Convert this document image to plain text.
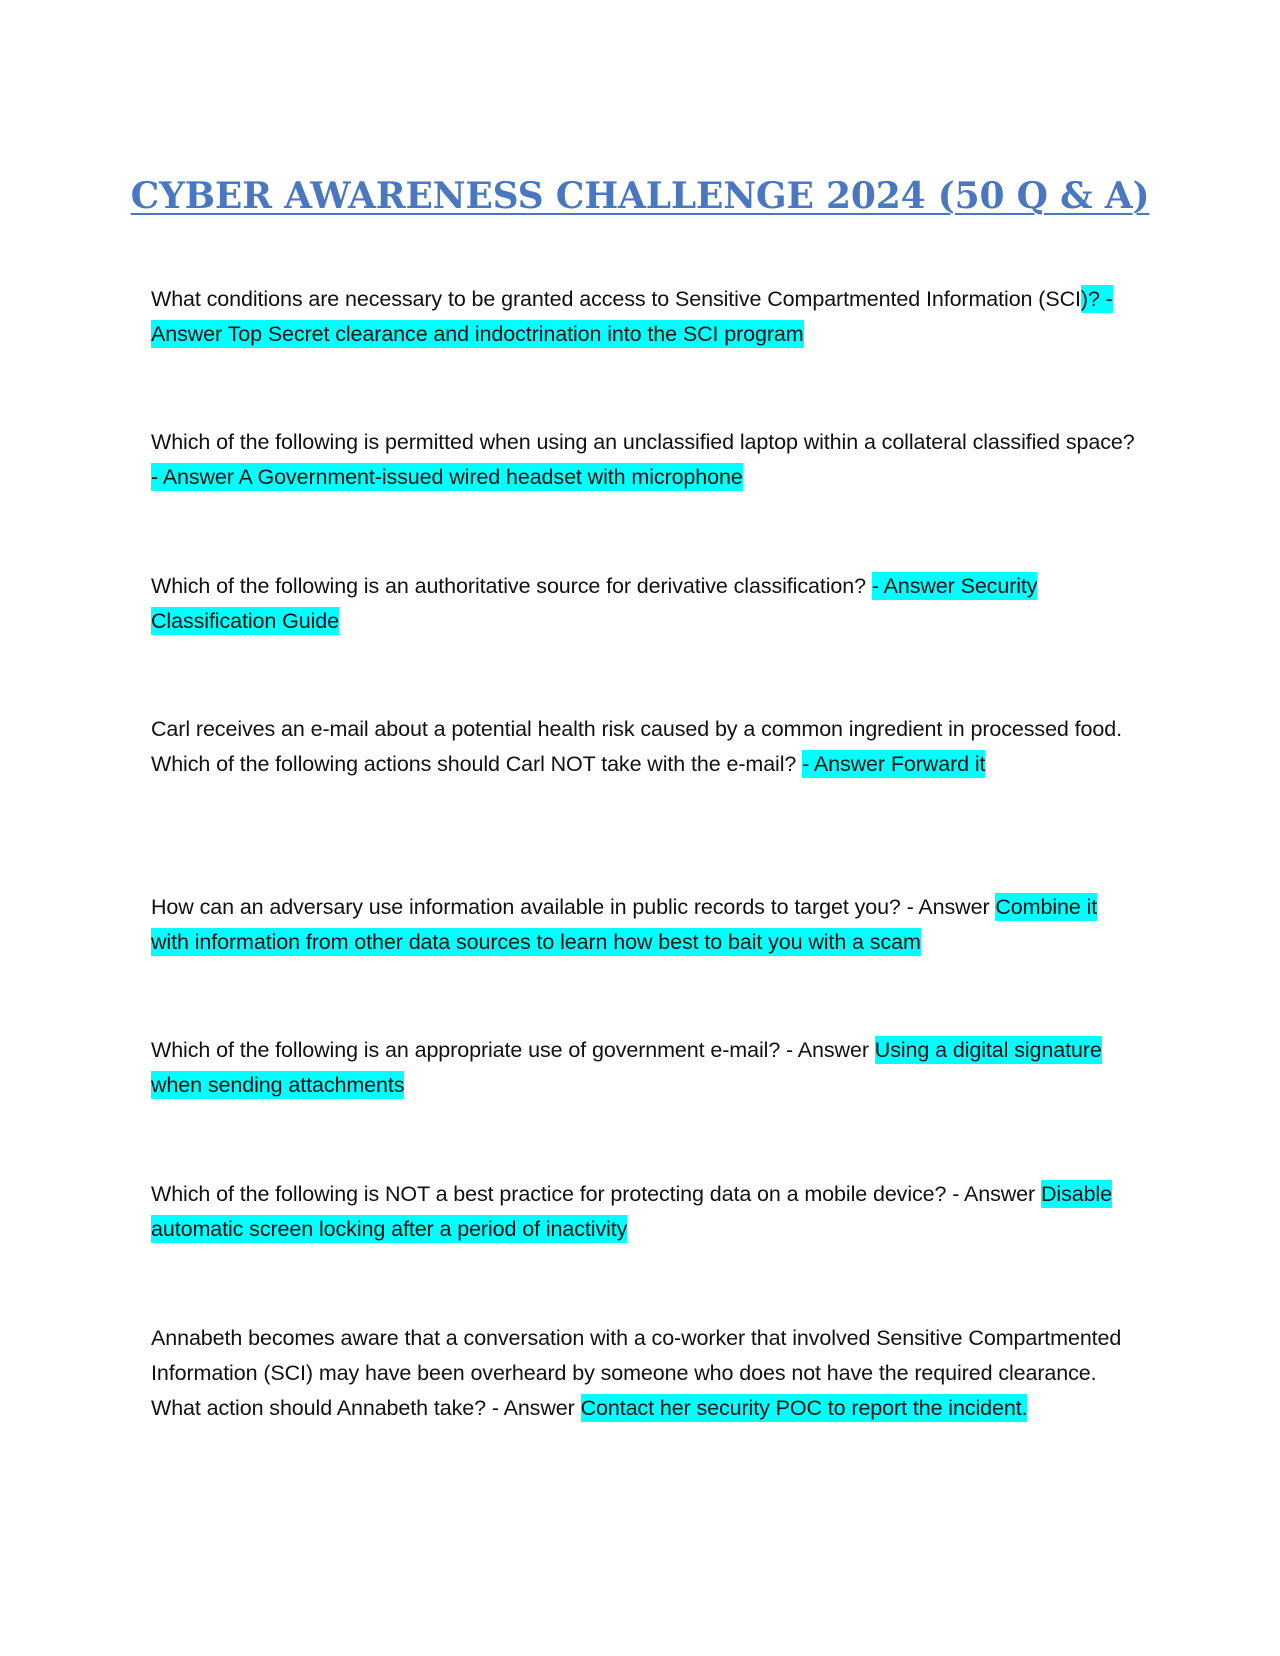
CYBER AWARENESS CHALLENGE 2024 (50 Q & A)

What conditions are necessary to be granted access to Sensitive Compartmented Information (SCI)? - Answer Top Secret clearance and indoctrination into the SCI program

Which of the following is permitted when using an unclassified laptop within a collateral classified space? - Answer A Government-issued wired headset with microphone

Which of the following is an authoritative source for derivative classification? - Answer Security Classification Guide

Carl receives an e-mail about a potential health risk caused by a common ingredient in processed food. Which of the following actions should Carl NOT take with the e-mail? - Answer Forward it

How can an adversary use information available in public records to target you? - Answer Combine it with information from other data sources to learn how best to bait you with a scam

Which of the following is an appropriate use of government e-mail? - Answer Using a digital signature when sending attachments

Which of the following is NOT a best practice for protecting data on a mobile device? - Answer Disable automatic screen locking after a period of inactivity

Annabeth becomes aware that a conversation with a co-worker that involved Sensitive Compartmented Information (SCI) may have been overheard by someone who does not have the required clearance. What action should Annabeth take? - Answer Contact her security POC to report the incident.
